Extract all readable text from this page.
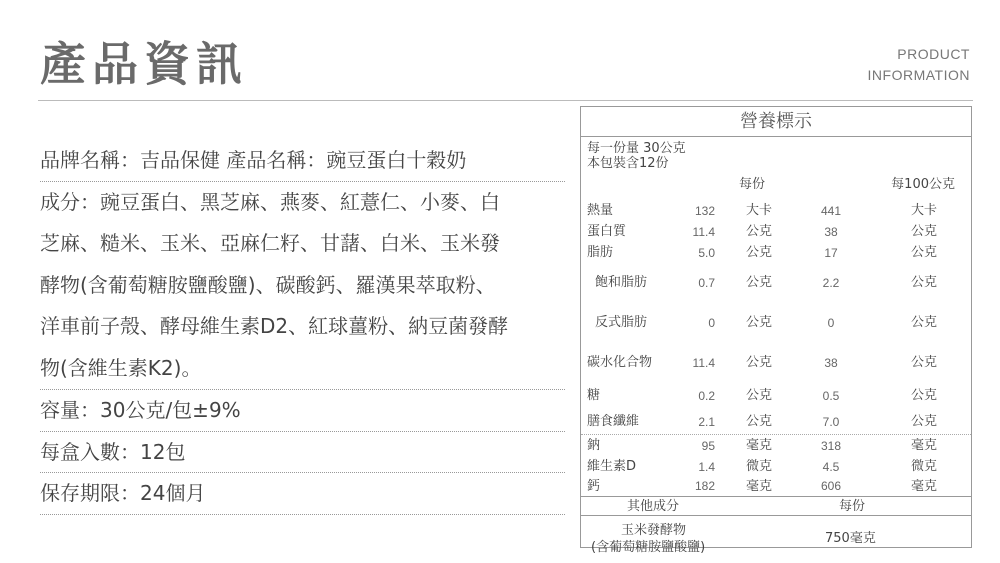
產品資訊	PRODUCT
INFORMATION
品牌名稱：吉品保健 產品名稱：豌豆蛋白十穀奶
成分：豌豆蛋白、黑芝麻、燕麥、紅薏仁、小麥、白
芝麻、糙米、玉米、亞麻仁籽、甘藷、白米、玉米發
酵物(含葡萄糖胺鹽酸鹽)、碳酸鈣、羅漢果萃取粉、
洋車前子殼、酵母維生素D2、紅球薑粉、納豆菌發酵
物(含維生素K2)。
容量：30公克/包±9%
每盒入數：12包
保存期限：24個月
營養標示
每一份量 30公克
本包裝含12份
每份	每100公克
熱量	132 大卡	441	大卡
蛋白質	11.4 公克	38	公克
脂肪	5.0 公克	17	公克
飽和脂肪	0.7 公克	2.2	公克
反式脂肪	0 公克	0	公克
碳水化合物	11.4 公克	38	公克
糖	0.2 公克	0.5	公克
膳食纖維	2.1 公克	7.0	公克
鈉	95 毫克	318	毫克
維生素D	1.4 微克	4.5	微克
鈣	182 毫克	606	毫克
其他成分	每份
玉米發酵物
(含葡萄糖胺鹽酸鹽)
750毫克
